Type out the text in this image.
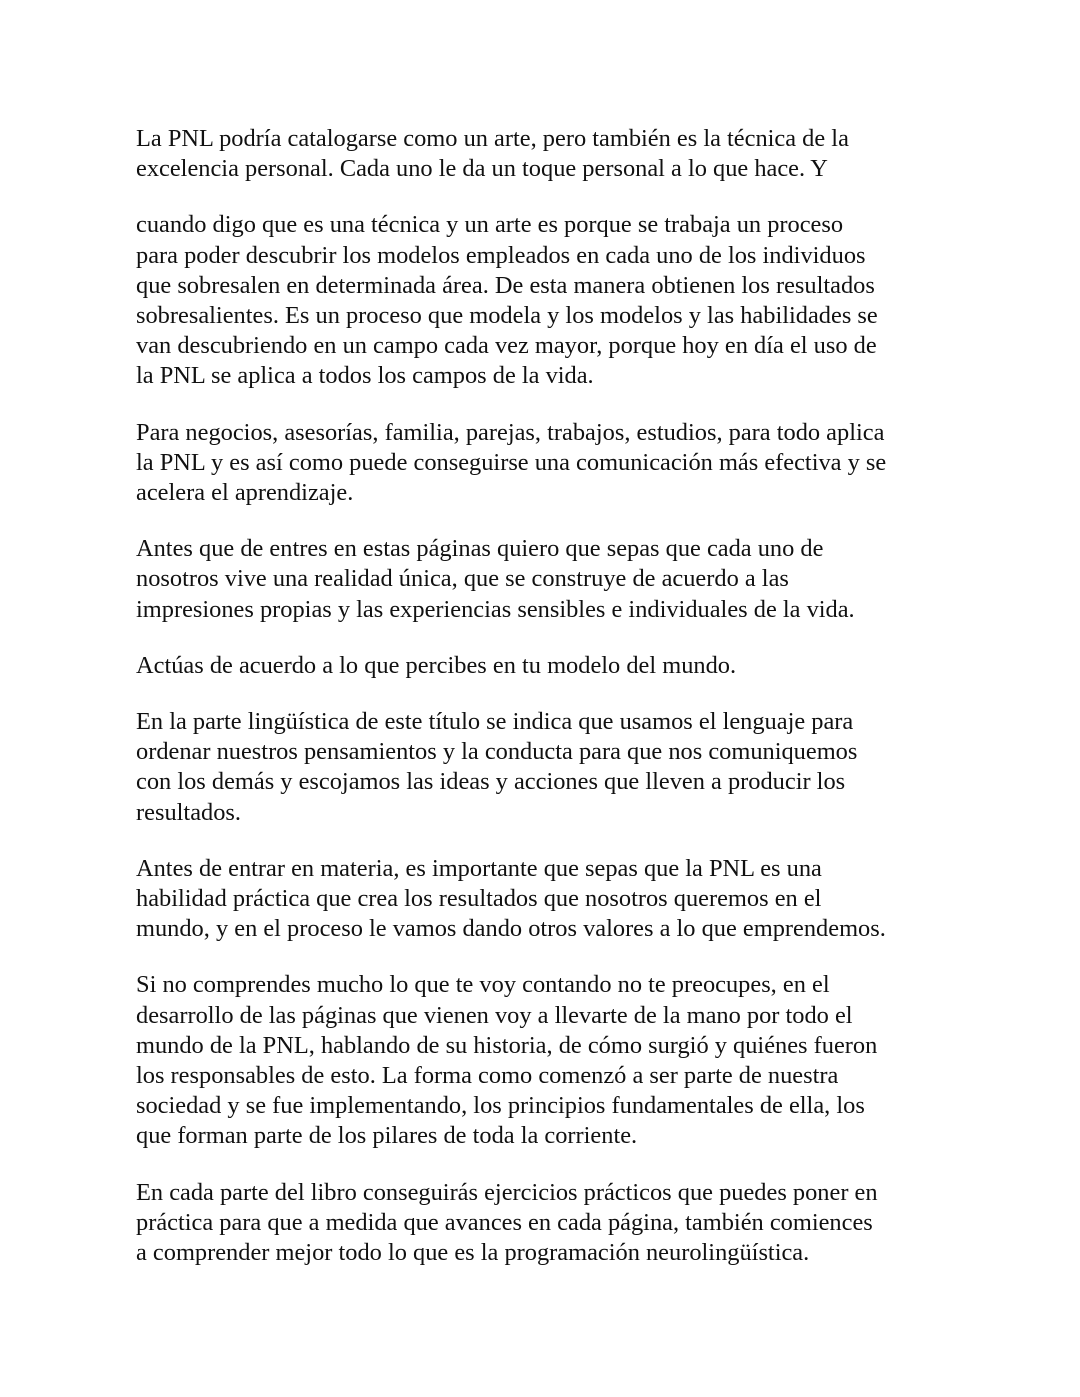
La PNL podría catalogarse como un arte, pero también es la técnica de la
excelencia personal. Cada uno le da un toque personal a lo que hace. Y

cuando digo que es una técnica y un arte es porque se trabaja un proceso
para poder descubrir los modelos empleados en cada uno de los individuos
que sobresalen en determinada área. De esta manera obtienen los resultados
sobresalientes. Es un proceso que modela y los modelos y las habilidades se
van descubriendo en un campo cada vez mayor, porque hoy en día el uso de
la PNL se aplica a todos los campos de la vida.

Para negocios, asesorías, familia, parejas, trabajos, estudios, para todo aplica
la PNL y es así como puede conseguirse una comunicación más efectiva y se
acelera el aprendizaje.

Antes que de entres en estas páginas quiero que sepas que cada uno de
nosotros vive una realidad única, que se construye de acuerdo a las
impresiones propias y las experiencias sensibles e individuales de la vida.

Actúas de acuerdo a lo que percibes en tu modelo del mundo.

En la parte lingüística de este título se indica que usamos el lenguaje para
ordenar nuestros pensamientos y la conducta para que nos comuniquemos
con los demás y escojamos las ideas y acciones que lleven a producir los
resultados.

Antes de entrar en materia, es importante que sepas que la PNL es una
habilidad práctica que crea los resultados que nosotros queremos en el
mundo, y en el proceso le vamos dando otros valores a lo que emprendemos.

Si no comprendes mucho lo que te voy contando no te preocupes, en el
desarrollo de las páginas que vienen voy a llevarte de la mano por todo el
mundo de la PNL, hablando de su historia, de cómo surgió y quiénes fueron
los responsables de esto. La forma como comenzó a ser parte de nuestra
sociedad y se fue implementando, los principios fundamentales de ella, los
que forman parte de los pilares de toda la corriente.

En cada parte del libro conseguirás ejercicios prácticos que puedes poner en
práctica para que a medida que avances en cada página, también comiences
a comprender mejor todo lo que es la programación neurolingüística.
